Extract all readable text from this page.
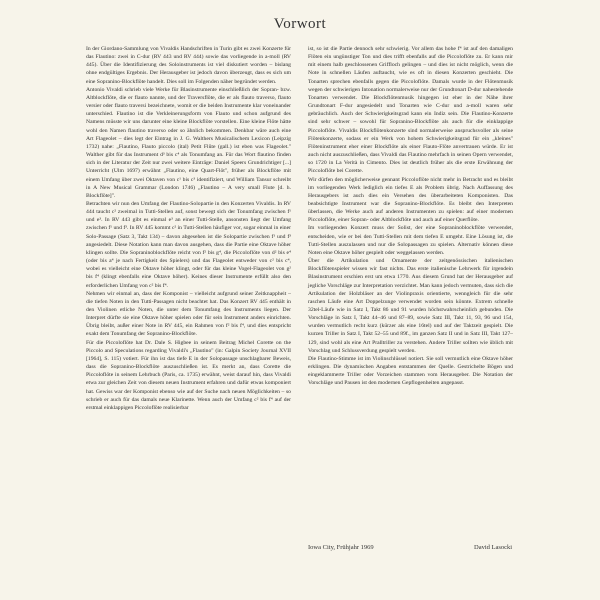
Vorwort

In der Giordano-Sammlung von Vivaldis Handschriften in Turin gibt es zwei Konzerte für das Flautino: zwei in C-dur (RV 443 und RV 444) sowie das vorliegende in a-moll (RV 445). Über die Identifizierung des Soloinstruments ist viel diskutiert worden – bislang ohne endgültiges Ergebnis. Der Herausgeber ist jedoch davon überzeugt, dass es sich um eine Sopranino-Blockflöte handelt. Dies soll im Folgenden näher begründet werden.

Antonio Vivaldi schrieb viele Werke für Blasinstrumente einschließlich der Sopran- bzw. Altblockflöte, die er flauto nannte, und der Traversflöte, die er als flauto traverso, flauto versier oder flauto traversi bezeichnete, womit er die beiden Instrumente klar voneinander unterschied. Flautino ist die Verkleinerungsform von Flauto und schon aufgrund des Namens müsste wir uns darunter eine kleine Blockflöte vorstellen. Eine kleine Flöte hätte wohl den Namen flautino traverso oder so ähnlich bekommen. Denkbar wäre auch eine Art Flageolet – dies legt der Eintrag in J. G. Walthers Musicalischem Lexicon (Leipzig 1732) nahe: „Flautino, Flauto piccolo (ital) Petit Flûte (gall.) ist eben was Flageolet." Walther gibt für das Instrument d³ bis c⁴ als Tonumfang an. Für das Wort flautino finden sich in der Literatur der Zeit nur zwei weitere Einträge: Daniel Speers Grundrichtiger [...] Unterricht (Ulm 1697) erwähnt „Flautino, eine Quart-Flöt", früher als Blockflöte mit einem Umfang über zwei Oktaven von c¹ bis c³ identifiziert, und William Tansur schreibt in A New Musical Grammar (London 1746) „Flautino – A very small Flute [d. h. Blockflöte]".

Betrachten wir nun den Umfang der Flautino-Solopartie in den Konzerten Vivaldis. In RV 444 taucht c² zweimal in Tutti-Stellen auf, sonst bewegt sich der Tonumfang zwischen f¹ und e³. In RV 443 gibt es einmal e³ an einer Tutti-Stelle, ansonsten liegt der Umfang zwischen f¹ und f³. In RV 445 kommt c² in Tutti-Stellen häufiger vor, sogar einmal in einer Solo-Passage (Satz 3, Takt 134) – davon abgesehen ist die Solopartie zwischen f¹ und f³ angesiedelt. Diese Notation kann man davon ausgehen, dass die Partie eine Oktave höher klingen sollte. Die Sopraninoblockflöte reicht von f² bis g⁴, die Piccoloflöte von d² bis e⁴ (oder bis a⁴ je nach Fertigkeit des Spielers) und das Flageolet entweder von c² bis c⁴, wobei es vielleicht eine Oktave höher klingt, oder für das kleine Vogel-Flageolet von g² bis f⁴ (klingt ebenfalls eine Oktave höher). Keines dieser Instrumente erfüllt also den erforderlichen Umfang von c² bis f⁴.

Nehmen wir einmal an, dass der Komponist – vielleicht aufgrund seiner Zeitknappheit – die tiefen Noten in den Tutti-Passagen nicht beachtet hat. Das Konzert RV 445 enthält in den Violinen etliche Noten, die unter dem Tonumfang des Instruments liegen. Der Interpret dürfte sie eine Oktave höher spielen oder für sein Instrument anders einrichten. Übrig bleibt, außer einer Note in RV 445, ein Rahmen von f² bis f⁴, und dies entspricht exakt dem Tonumfang der Sopranino-Blockflöte.

Für die Piccoloflöte hat Dr. Dale S. Higbee in seinem Beitrag Michel Corette on the Piccolo and Speculations regarding Vivaldi's „Flautino" (in: Galpin Society Journal XVII [1964], S. 115) votiert. Für ihn ist das tiefe E in der Solopassage unschlagbarer Beweis, dass die Sopranino-Blockflöte auszuschließen ist. Es merkt an, dass Corette die Piccoloflöte in seinem Lehrbuch (Paris, ca. 1735) erwähnt, weist darauf hin, dass Vivaldi etwa zur gleichen Zeit von diesem neuen Instrument erfahren und dafür etwas komponiert hat. Gewiss war der Komponist ebenso wie auf der Suche nach neuen Möglichkeiten – so schrieb er auch für das damals neue Klarinette. Wenn auch der Umfang c² bis f⁴ auf der erstmal einklappigen Piccoloflöte realisierbar

ist, so ist die Partie dennoch sehr schwierig. Vor allem das hohe f⁴ ist auf den damaligen Flöten ein ungünstiger Ton und dies trifft ebenfalls auf die Piccoloflöte zu. Er kann mir mit einem halb geschlossenen Griffloch gelingen – und dies ist nicht möglich, wenn die Note in schnellen Läufen auftaucht, wie es oft in diesen Konzerten geschieht. Die Tonarten sprechen ebenfalls gegen die Piccoloflöte. Damals wurde in der Flötenmusik wegen der schwierigen Intonation normalerweise nur der Grundtonart D-dur nahestehende Tonarten verwendet. Die Blockflötenmusik hingegen ist eher in der Nähe ihrer Grundtonart F-dur angesiedelt und Tonarten wie C-dur und a-moll waren sehr gebräuchlich. Auch der Schwierigkeitsgrad kann ein Indiz sein. Die Flautino-Konzerte sind sehr schwer – sowohl für Sopranino-Blockflöte als auch für die einklappige Piccoloflöte. Vivaldis Blockflötenkonzerte sind normalerweise anspruchsvoller als seine Flötenkonzerte, sodass er ein Werk von hohem Schwierigkeitsgrad für ein „kleines" Flöteninstrument eher einer Blockflöte als einer Flauto-Flöte anvertrauen würde. Er ist auch nicht auszuschließen, dass Vivaldi das Flautino mehrfach in seinen Opern verwendet, so 1720 in La Verità in Cimento. Dies ist deutlich früher als die erste Erwähnung der Piccoloflöte bei Corette.

Wir dürfen den möglicherweise gennant Piccoloflöte nicht mehr in Betracht und es bleibt im vorliegenden Werk lediglich ein tiefes E als Problem übrig. Nach Auffassung des Herausgebers ist auch dies ein Versehen des überarbeiteten Komponisten. Das beabsichtigte Instrument war die Sopranino-Blockflöte. Es bleibt den Interpreten überlassen, die Werke auch auf anderen Instrumenten zu spielen: auf einer modernen Piccoloflöte, einer Sopran- oder Altblockflöte und auch auf einer Querflöte.

Im vorliegenden Konzert muss der Solist, der eine Sopraninoblockflöte verwendet, entscheiden, wie er bei den Tutti-Stellen mit dem tiefen E umgeht. Eine Lösung ist, die Tutti-Stellen auszulassen und nur die Solopassagen zu spielen. Alternativ können diese Noten eine Oktave höher gespielt oder weggelassen werden.

Über die Artikulation und Ornamente der zeitgenössischen italienischen Blockflötenspieler wissen wir fast nichts. Das erste italienische Lehrwerk für irgendein Blasinstrument erschien erst um etwa 1770. Aus diesem Grund hat der Herausgeber auf jegliche Vorschläge zur Interpretation verzichtet. Man kann jedoch vermuten, dass sich die Artikulation der Holzbläser an der Violinpraxis orientierte, wenngleich für die sehr raschen Läufe eine Art Doppelzunge verwendet worden sein könnte. Extrem schnelle 32tel-Läufe wie in Satz I, Takt 86 und 91 wurden höchstwahrscheinlich gebunden. Die Vorschläge in Satz I, Takt 44–46 und 87–89, sowie Satz III, Takt 11, 93, 96 und 154, wurden vermutlich recht kurz (kürzer als eine 16tel) und auf der Taktzeit gespielt. Die kurzen Triller in Satz I, Takt 52–55 und 89f., im ganzen Satz II und in Satz III, Takt 127–129, sind wohl als eine Art Pralltriller zu verstehen. Andere Triller sollten wie üblich mit Vorschlag und Schlussverdung gespielt werden.

Die Flautino-Stimme ist im Violinschlüssel notiert. Sie soll vermutlich eine Oktave höher erklingen. Die dynamischen Angaben entstammen der Quelle. Gestrichelte Bögen und eingeklammerte Triller oder Vorzeichen stammen vom Herausgeber. Die Notation der Vorschläge und Pausen ist den modernen Gepflogenheiten angepasst.

Iowa City, Frühjahr 1969	David Lasocki
